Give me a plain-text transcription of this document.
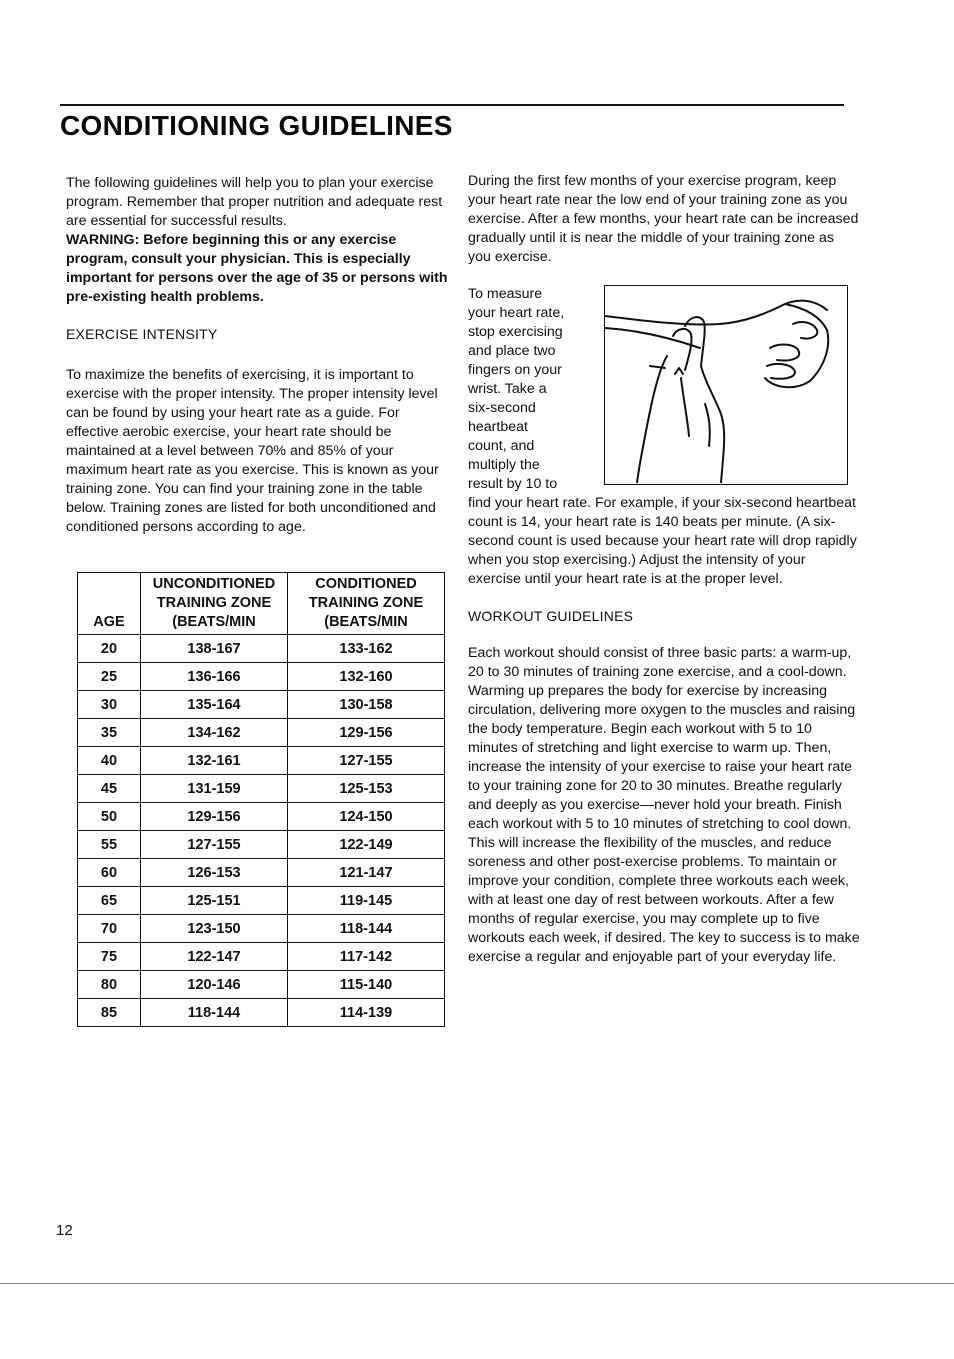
CONDITIONING GUIDELINES

The following guidelines will help you to plan your exercise program. Remember that proper nutrition and adequate rest are essential for successful results.

WARNING: Before beginning this or any exercise program, consult your physician. This is especially important for persons over the age of 35 or persons with pre-existing health problems.

EXERCISE INTENSITY

To maximize the benefits of exercising, it is important to exercise with the proper intensity. The proper intensity level can be found by using your heart rate as a guide. For effective aerobic exercise, your heart rate should be maintained at a level between 70% and 85% of your maximum heart rate as you exercise. This is known as your training zone. You can find your training zone in the table below. Training zones are listed for both unconditioned and conditioned persons according to age.

AGE	UNCONDITIONED TRAINING ZONE (BEATS/MIN	CONDITIONED TRAINING ZONE (BEATS/MIN
20	138-167	133-162
25	136-166	132-160
30	135-164	130-158
35	134-162	129-156
40	132-161	127-155
45	131-159	125-153
50	129-156	124-150
55	127-155	122-149
60	126-153	121-147
65	125-151	119-145
70	123-150	118-144
75	122-147	117-142
80	120-146	115-140
85	118-144	114-139

During the first few months of your exercise program, keep your heart rate near the low end of your training zone as you exercise. After a few months, your heart rate can be increased gradually until it is near the middle of your training zone as you exercise.

To measure
your heart rate,
stop exercising
and place two
fingers on your
wrist. Take a
six-second
heartbeat
count, and
multiply the
result by 10 to

find your heart rate. For example, if your six-second heartbeat count is 14, your heart rate is 140 beats per minute. (A six-second count is used because your heart rate will drop rapidly when you stop exercising.) Adjust the intensity of your exercise until your heart rate is at the proper level.

WORKOUT GUIDELINES

Each workout should consist of three basic parts: a warm-up, 20 to 30 minutes of training zone exercise, and a cool-down. Warming up prepares the body for exercise by increasing circulation, delivering more oxygen to the muscles and raising the body temperature. Begin each workout with 5 to 10 minutes of stretching and light exercise to warm up. Then, increase the intensity of your exercise to raise your heart rate to your training zone for 20 to 30 minutes. Breathe regularly and deeply as you exercise—never hold your breath. Finish each workout with 5 to 10 minutes of stretching to cool down. This will increase the flexibility of the muscles, and reduce soreness and other post-exercise problems. To maintain or improve your condition, complete three workouts each week, with at least one day of rest between workouts. After a few months of regular exercise, you may complete up to five workouts each week, if desired. The key to success is to make exercise a regular and enjoyable part of your everyday life.

12
